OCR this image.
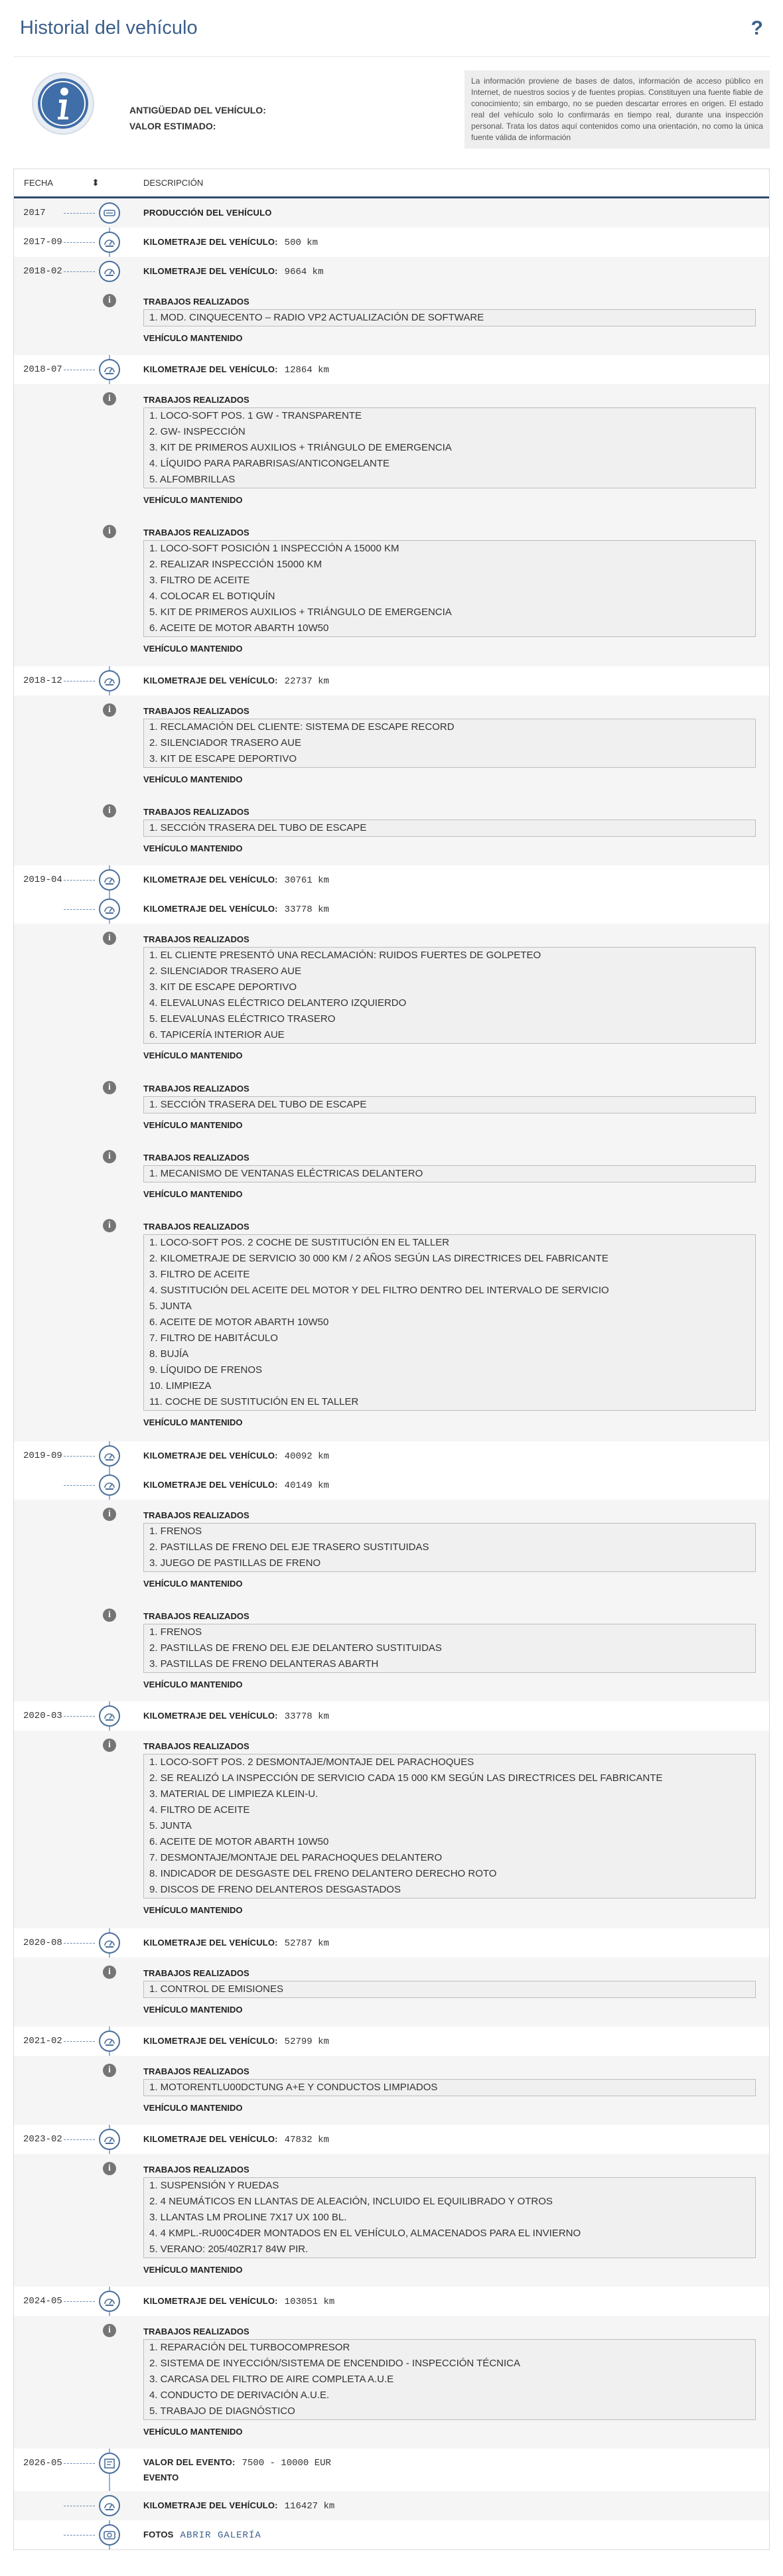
Historial del vehículo	?
ANTIGÜEDAD DEL VEHÍCULO:
VALOR ESTIMADO:
La información proviene de bases de datos, información de acceso público en Internet, de nuestros socios y de fuentes propias. Constituyen una fuente fiable de conocimiento; sin embargo, no se pueden descartar errores en origen. El estado real del vehículo solo lo confirmarás en tiempo real, durante una inspección personal. Trata los datos aquí contenidos como una orientación, no como la única fuente válida de información
FECHA	⬍	DESCRIPCIÓN
2017	PRODUCCIÓN DEL VEHÍCULO
2017-09	KILOMETRAJE DEL VEHÍCULO: 500 km
2018-02	KILOMETRAJE DEL VEHÍCULO: 9664 km
i	TRABAJOS REALIZADOS
1. MOD. CINQUECENTO – RADIO VP2 ACTUALIZACIÓN DE SOFTWARE
VEHÍCULO MANTENIDO
2018-07	KILOMETRAJE DEL VEHÍCULO: 12864 km
i	TRABAJOS REALIZADOS
1. LOCO-SOFT POS. 1 GW - TRANSPARENTE
2. GW- INSPECCIÓN
3. KIT DE PRIMEROS AUXILIOS + TRIÁNGULO DE EMERGENCIA
4. LÍQUIDO PARA PARABRISAS/ANTICONGELANTE
5. ALFOMBRILLAS
VEHÍCULO MANTENIDO
i	TRABAJOS REALIZADOS
1. LOCO-SOFT POSICIÓN 1 INSPECCIÓN A 15000 KM
2. REALIZAR INSPECCIÓN 15000 KM
3. FILTRO DE ACEITE
4. COLOCAR EL BOTIQUÍN
5. KIT DE PRIMEROS AUXILIOS + TRIÁNGULO DE EMERGENCIA
6. ACEITE DE MOTOR ABARTH 10W50
VEHÍCULO MANTENIDO
2018-12	KILOMETRAJE DEL VEHÍCULO: 22737 km
i	TRABAJOS REALIZADOS
1. RECLAMACIÓN DEL CLIENTE: SISTEMA DE ESCAPE RECORD
2. SILENCIADOR TRASERO AUE
3. KIT DE ESCAPE DEPORTIVO
VEHÍCULO MANTENIDO
i	TRABAJOS REALIZADOS
1. SECCIÓN TRASERA DEL TUBO DE ESCAPE
VEHÍCULO MANTENIDO
2019-04	KILOMETRAJE DEL VEHÍCULO: 30761 km
KILOMETRAJE DEL VEHÍCULO: 33778 km
i	TRABAJOS REALIZADOS
1. EL CLIENTE PRESENTÓ UNA RECLAMACIÓN: RUIDOS FUERTES DE GOLPETEO
2. SILENCIADOR TRASERO AUE
3. KIT DE ESCAPE DEPORTIVO
4. ELEVALUNAS ELÉCTRICO DELANTERO IZQUIERDO
5. ELEVALUNAS ELÉCTRICO TRASERO
6. TAPICERÍA INTERIOR AUE
VEHÍCULO MANTENIDO
i	TRABAJOS REALIZADOS
1. SECCIÓN TRASERA DEL TUBO DE ESCAPE
VEHÍCULO MANTENIDO
i	TRABAJOS REALIZADOS
1. MECANISMO DE VENTANAS ELÉCTRICAS DELANTERO
VEHÍCULO MANTENIDO
i	TRABAJOS REALIZADOS
1. LOCO-SOFT POS. 2 COCHE DE SUSTITUCIÓN EN EL TALLER
2. KILOMETRAJE DE SERVICIO 30 000 KM / 2 AÑOS SEGÚN LAS DIRECTRICES DEL FABRICANTE
3. FILTRO DE ACEITE
4. SUSTITUCIÓN DEL ACEITE DEL MOTOR Y DEL FILTRO DENTRO DEL INTERVALO DE SERVICIO
5. JUNTA
6. ACEITE DE MOTOR ABARTH 10W50
7. FILTRO DE HABITÁCULO
8. BUJÍA
9. LÍQUIDO DE FRENOS
10. LIMPIEZA
11. COCHE DE SUSTITUCIÓN EN EL TALLER
VEHÍCULO MANTENIDO
2019-09	KILOMETRAJE DEL VEHÍCULO: 40092 km
KILOMETRAJE DEL VEHÍCULO: 40149 km
i	TRABAJOS REALIZADOS
1. FRENOS
2. PASTILLAS DE FRENO DEL EJE TRASERO SUSTITUIDAS
3. JUEGO DE PASTILLAS DE FRENO
VEHÍCULO MANTENIDO
i	TRABAJOS REALIZADOS
1. FRENOS
2. PASTILLAS DE FRENO DEL EJE DELANTERO SUSTITUIDAS
3. PASTILLAS DE FRENO DELANTERAS ABARTH
VEHÍCULO MANTENIDO
2020-03	KILOMETRAJE DEL VEHÍCULO: 33778 km
i	TRABAJOS REALIZADOS
1. LOCO-SOFT POS. 2 DESMONTAJE/MONTAJE DEL PARACHOQUES
2. SE REALIZÓ LA INSPECCIÓN DE SERVICIO CADA 15 000 KM SEGÚN LAS DIRECTRICES DEL FABRICANTE
3. MATERIAL DE LIMPIEZA KLEIN-U.
4. FILTRO DE ACEITE
5. JUNTA
6. ACEITE DE MOTOR ABARTH 10W50
7. DESMONTAJE/MONTAJE DEL PARACHOQUES DELANTERO
8. INDICADOR DE DESGASTE DEL FRENO DELANTERO DERECHO ROTO
9. DISCOS DE FRENO DELANTEROS DESGASTADOS
VEHÍCULO MANTENIDO
2020-08	KILOMETRAJE DEL VEHÍCULO: 52787 km
i	TRABAJOS REALIZADOS
1. CONTROL DE EMISIONES
VEHÍCULO MANTENIDO
2021-02	KILOMETRAJE DEL VEHÍCULO: 52799 km
i	TRABAJOS REALIZADOS
1. MOTORENTLU00DCTUNG A+E Y CONDUCTOS LIMPIADOS
VEHÍCULO MANTENIDO
2023-02	KILOMETRAJE DEL VEHÍCULO: 47832 km
i	TRABAJOS REALIZADOS
1. SUSPENSIÓN Y RUEDAS
2. 4 NEUMÁTICOS EN LLANTAS DE ALEACIÓN, INCLUIDO EL EQUILIBRADO Y OTROS
3. LLANTAS LM PROLINE 7X17 UX 100 BL.
4. 4 KMPL.-RU00C4DER MONTADOS EN EL VEHÍCULO, ALMACENADOS PARA EL INVIERNO
5. VERANO: 205/40ZR17 84W PIR.
VEHÍCULO MANTENIDO
2024-05	KILOMETRAJE DEL VEHÍCULO: 103051 km
i	TRABAJOS REALIZADOS
1. REPARACIÓN DEL TURBOCOMPRESOR
2. SISTEMA DE INYECCIÓN/SISTEMA DE ENCENDIDO - INSPECCIÓN TÉCNICA
3. CARCASA DEL FILTRO DE AIRE COMPLETA A.U.E
4. CONDUCTO DE DERIVACIÓN A.U.E.
5. TRABAJO DE DIAGNÓSTICO
VEHÍCULO MANTENIDO
2026-05	VALOR DEL EVENTO: 7500 - 10000 EUR
EVENTO
KILOMETRAJE DEL VEHÍCULO: 116427 km
FOTOS ABRIR GALERÍA
